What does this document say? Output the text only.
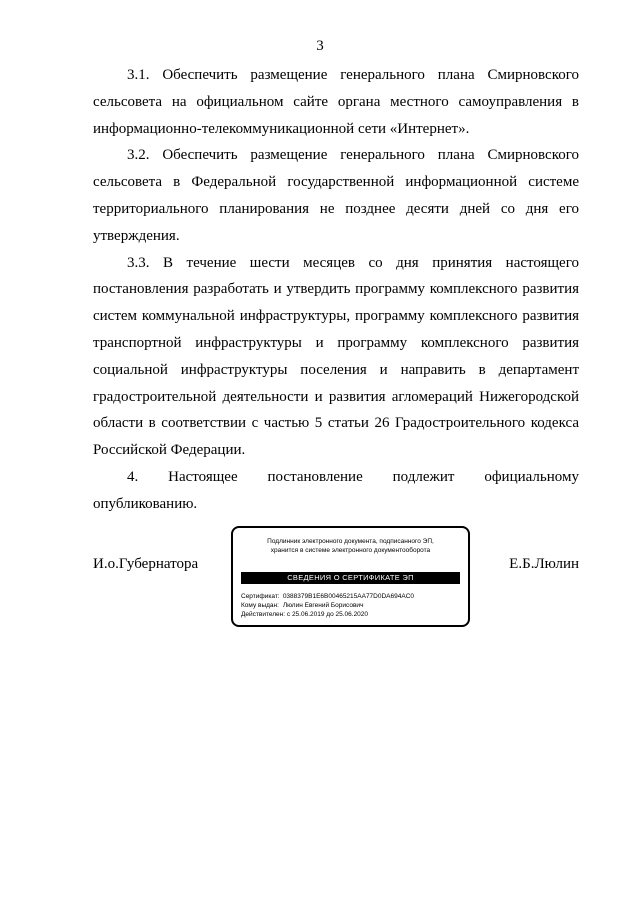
3

3.1. Обеспечить размещение генерального плана Смирновского сельсовета на официальном сайте органа местного самоуправления в информационно-телекоммуникационной сети «Интернет».

3.2. Обеспечить размещение генерального плана Смирновского сельсовета в Федеральной государственной информационной системе территориального планирования не позднее десяти дней со дня его утверждения.

3.3. В течение шести месяцев со дня принятия настоящего постановления разработать и утвердить программу комплексного развития систем коммунальной инфраструктуры, программу комплексного развития транспортной инфраструктуры и программу комплексного развития социальной инфраструктуры поселения и направить в департамент градостроительной деятельности и развития агломераций Нижегородской области в соответствии с частью 5 статьи 26 Градостроительного кодекса Российской Федерации.

4. Настоящее постановление подлежит официальному опубликованию.

И.о.Губернатора	Е.Б.Люлин
Подлинник электронного документа, подписанного ЭП,
хранится в системе электронного документооборота
СВЕДЕНИЯ О СЕРТИФИКАТЕ ЭП
Сертификат: 0388379B1E6B00465215AA77D0DA694AC0
Кому выдан: Люлин Евгений Борисович
Действителен: с 25.06.2019 до 25.06.2020
